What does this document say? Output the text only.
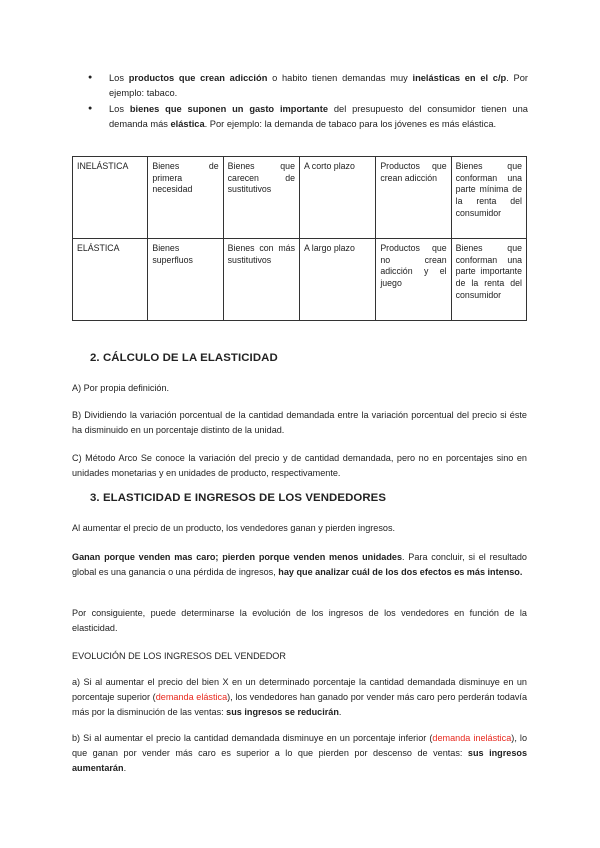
● Los productos que crean adicción o habito tienen demandas muy inelásticas en el c/p. Por ejemplo: tabaco.
● Los bienes que suponen un gasto importante del presupuesto del consumidor tienen una demanda más elástica. Por ejemplo: la demanda de tabaco para los jóvenes es más elástica.
INELÁSTICA	Bienes de primera necesidad	Bienes que carecen de sustitutivos	A corto plazo	Productos que crean adicción	Bienes que conforman una parte mínima de la renta del consumidor
ELÁSTICA	Bienes superfluos	Bienes con más sustitutivos	A largo plazo	Productos que no crean adicción y el juego	Bienes que conforman una parte importante de la renta del consumidor
2. CÁLCULO DE LA ELASTICIDAD

A) Por propia definición.

B) Dividiendo la variación porcentual de la cantidad demandada entre la variación porcentual del precio si éste ha disminuido en un porcentaje distinto de la unidad.

C) Método Arco Se conoce la variación del precio y de cantidad demandada, pero no en porcentajes sino en unidades monetarias y en unidades de producto, respectivamente.

3. ELASTICIDAD E INGRESOS DE LOS VENDEDORES

Al aumentar el precio de un producto, los vendedores ganan y pierden ingresos.

Ganan porque venden mas caro; pierden porque venden menos unidades. Para concluir, si el resultado global es una ganancia o una pérdida de ingresos, hay que analizar cuál de los dos efectos es más intenso.

Por consiguiente, puede determinarse la evolución de los ingresos de los vendedores en función de la elasticidad.

EVOLUCIÓN DE LOS INGRESOS DEL VENDEDOR

a) Si al aumentar el precio del bien X en un determinado porcentaje la cantidad demandada disminuye en un porcentaje superior (demanda elástica), los vendedores han ganado por vender más caro pero perderán todavía más por la disminución de las ventas: sus ingresos se reducirán.

b) Si al aumentar el precio la cantidad demandada disminuye en un porcentaje inferior (demanda inelástica), lo que ganan por vender más caro es superior a lo que pierden por descenso de ventas: sus ingresos aumentarán.
